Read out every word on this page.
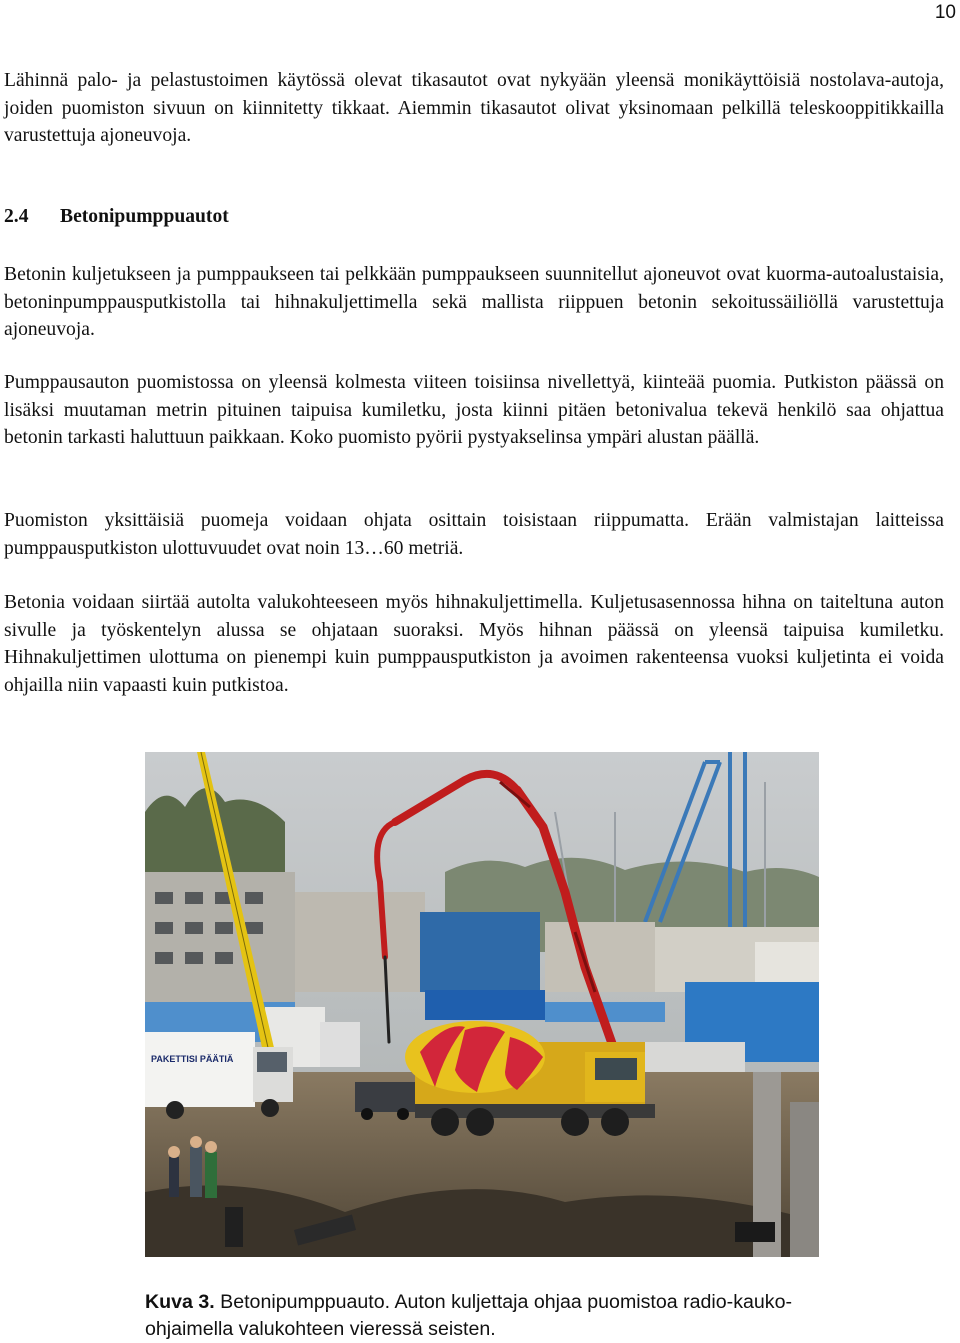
10

Lähinnä palo- ja pelastustoimen käytössä olevat tikasautot ovat nykyään yleensä monikäyttöisiä nostolava-autoja, joiden puomiston sivuun on kiinnitetty tikkaat. Aiemmin tikasautot olivat yksinomaan pelkillä teleskooppitikkailla varustettuja ajoneuvoja.

2.4 Betonipumppuautot

Betonin kuljetukseen ja pumppaukseen tai pelkkään pumppaukseen suunnitellut ajoneuvot ovat kuorma-autoalustaisia, betoninpumppausputkistolla tai hihnakuljettimella sekä mallista riippuen betonin sekoitussäiliöllä varustettuja ajoneuvoja.

Pumppausauton puomistossa on yleensä kolmesta viiteen toisiinsa nivellettyä, kiinteää puomia. Putkiston päässä on lisäksi muutaman metrin pituinen taipuisa kumiletku, josta kiinni pitäen betonivalua tekevä henkilö saa ohjattua betonin tarkasti haluttuun paikkaan. Koko puomisto pyörii pystyakselinsa ympäri alustan päällä.

Puomiston yksittäisiä puomeja voidaan ohjata osittain toisistaan riippumatta. Erään valmistajan laitteissa pumppausputkiston ulottuvuudet ovat noin 13…60 metriä.

Betonia voidaan siirtää autolta valukohteeseen myös hihnakuljettimella. Kuljetusasennossa hihna on taiteltuna auton sivulle ja työskentelyn alussa se ohjataan suoraksi. Myös hihnan päässä on yleensä taipuisa kumiletku. Hihnakuljettimen ulottuma on pienempi kuin pumppausputkiston ja avoimen rakenteensa vuoksi kuljetinta ei voida ohjailla niin vapaasti kuin putkistoa.

PAKETTISI PÄÄTIÄ

Kuva 3. Betonipumppuauto. Auton kuljettaja ohjaa puomistoa radio-kauko-ohjaimella valukohteen vieressä seisten.
